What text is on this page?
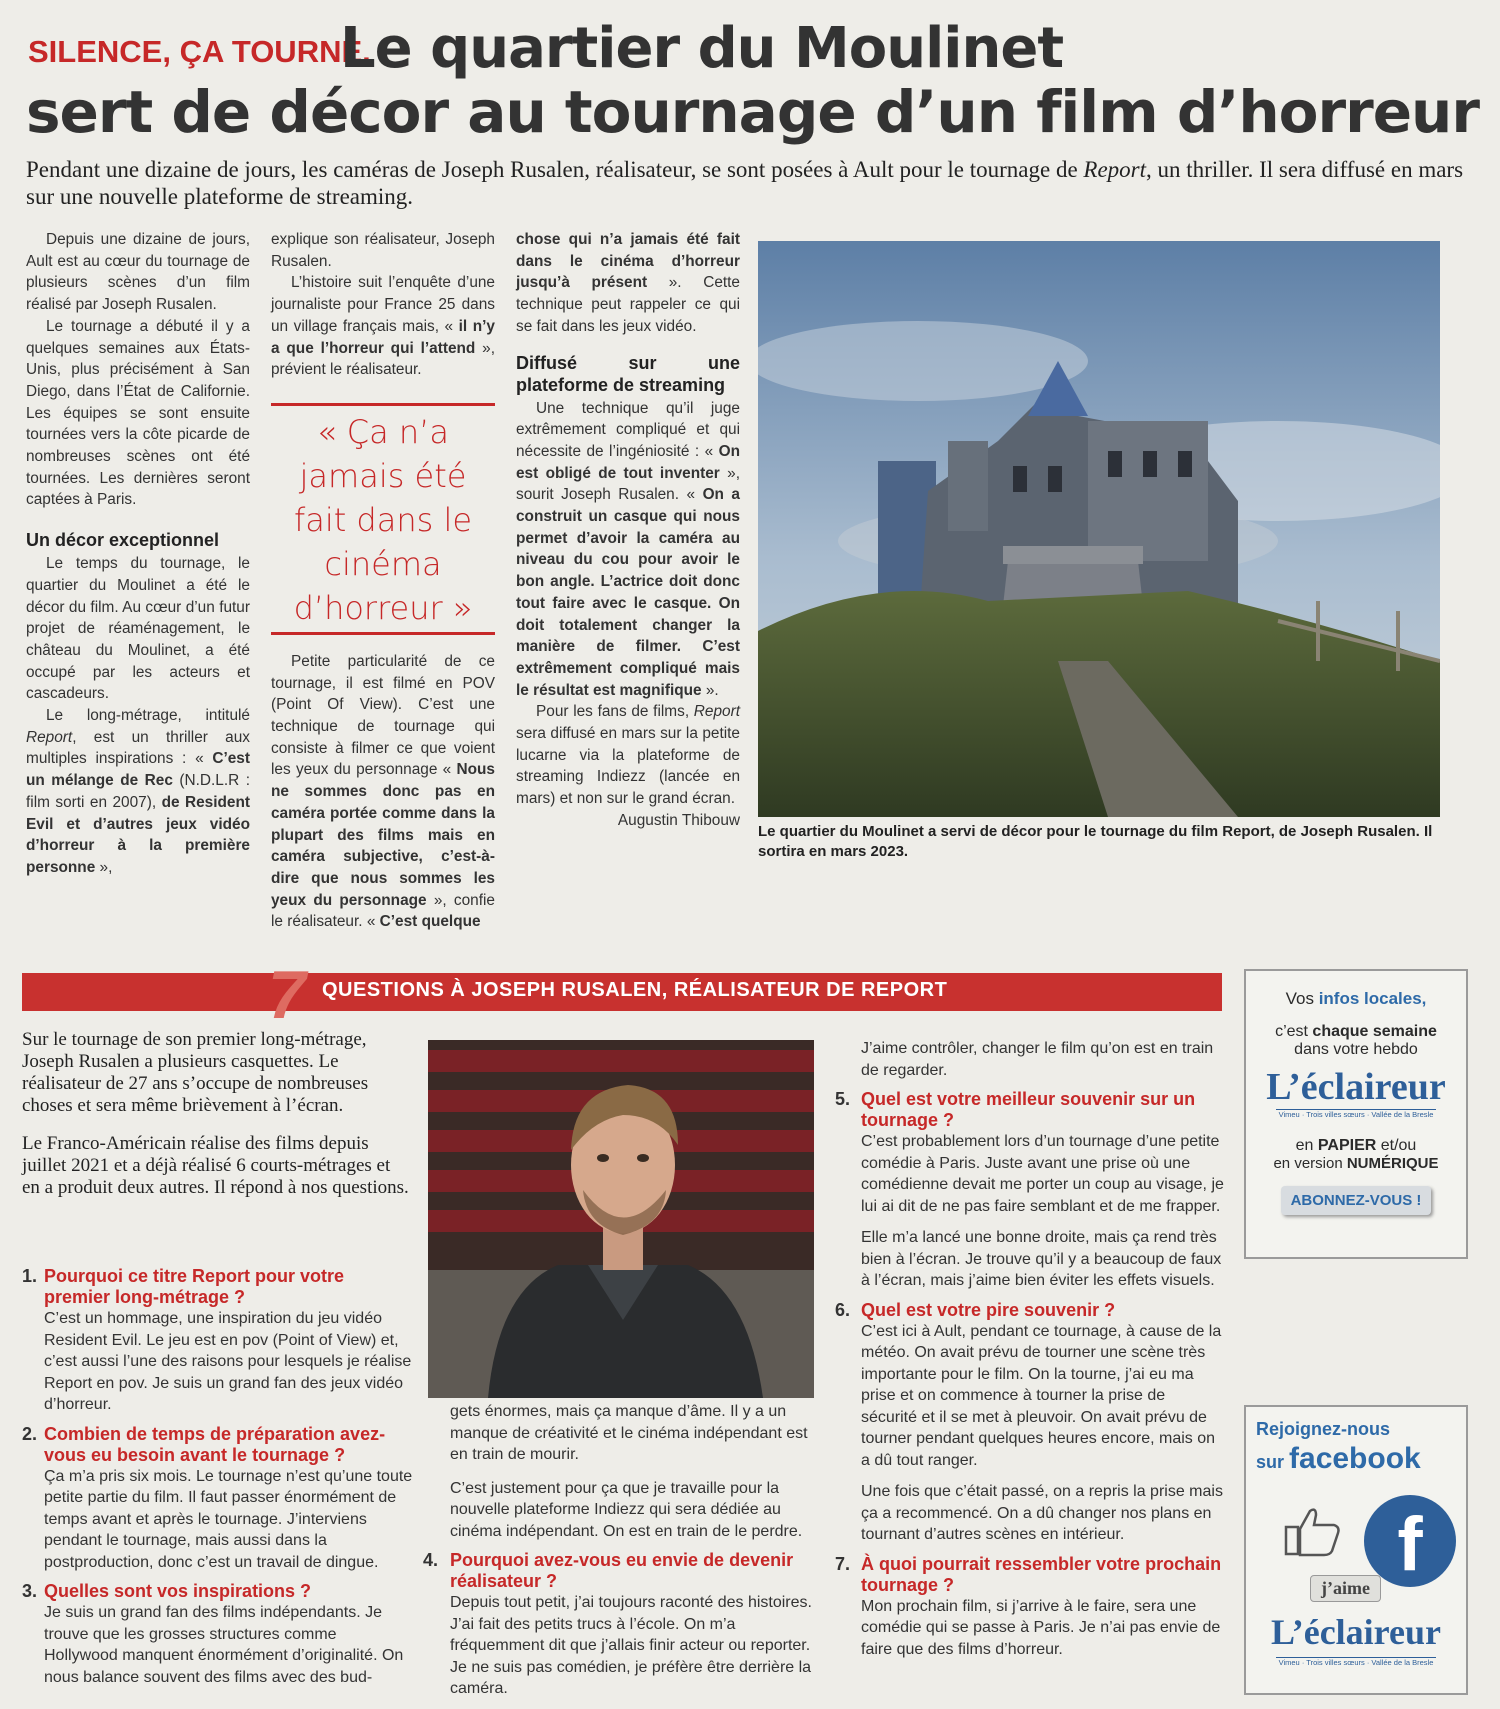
SILENCE, ÇA TOURNE.
Le quartier du Moulinet
sert de décor au tournage d’un film d’horreur
Pendant une dizaine de jours, les caméras de Joseph Rusalen, réalisateur, se sont posées à Ault pour le tournage de Report, un thriller. Il sera diffusé en mars sur une nouvelle plateforme de streaming.

Depuis une dizaine de jours, Ault est au cœur du tournage de plusieurs scènes d’un film réalisé par Joseph Rusalen.

Le tournage a débuté il y a quelques semaines aux États-Unis, plus précisément à San Diego, dans l’État de Californie. Les équipes se sont ensuite tournées vers la côte picarde de nombreuses scènes ont été tournées. Les dernières seront captées à Paris.

Un décor exceptionnel

Le temps du tournage, le quartier du Moulinet a été le décor du film. Au cœur d’un futur projet de réaménagement, le château du Moulinet, a été occupé par les acteurs et cascadeurs.

Le long-métrage, intitulé Report, est un thriller aux multiples inspirations : « C’est un mélange de Rec (N.D.L.R : film sorti en 2007), de Resident Evil et d’autres jeux vidéo d’horreur à la première personne »,

explique son réalisateur, Joseph Rusalen.

L’histoire suit l’enquête d’une journaliste pour France 25 dans un village français mais, « il n’y a que l’horreur qui l’attend », prévient le réalisateur.

« Ça n’a jamais été fait dans le cinéma d’horreur »

Petite particularité de ce tournage, il est filmé en POV (Point Of View). C’est une technique de tournage qui consiste à filmer ce que voient les yeux du personnage « Nous ne sommes donc pas en caméra portée comme dans la plupart des films mais en caméra subjective, c’est-à-dire que nous sommes les yeux du personnage », confie le réalisateur. « C’est quelque

chose qui n’a jamais été fait dans le cinéma d’horreur jusqu’à présent ». Cette technique peut rappeler ce qui se fait dans les jeux vidéo.

Diffusé sur une plateforme de streaming

Une technique qu’il juge extrêmement compliqué et qui nécessite de l’ingéniosité : « On est obligé de tout inventer », sourit Joseph Rusalen. « On a construit un casque qui nous permet d’avoir la caméra au niveau du cou pour avoir le bon angle. L’actrice doit donc tout faire avec le casque. On doit totalement changer la manière de filmer. C’est extrêmement compliqué mais le résultat est magnifique ».

Pour les fans de films, Report sera diffusé en mars sur la petite lucarne via la plateforme de streaming Indiezz (lancée en mars) et non sur le grand écran.

Augustin Thibouw
Le quartier du Moulinet a servi de décor pour le tournage du film Report, de Joseph Rusalen. Il sortira en mars 2023.
7 QUESTIONS À JOSEPH RUSALEN, RÉALISATEUR DE REPORT
Sur le tournage de son premier long-métrage, Joseph Rusalen a plusieurs casquettes. Le réalisateur de 27 ans s’occupe de nombreuses choses et sera même brièvement à l’écran.
Le Franco-Américain réalise des films depuis juillet 2021 et a déjà réalisé 6 courts-métrages et en a produit deux autres. Il répond à nos questions.
1. Pourquoi ce titre Report pour votre premier long-métrage ?
C’est un hommage, une inspiration du jeu vidéo Resident Evil. Le jeu est en pov (Point of View) et, c’est aussi l’une des raisons pour lesquels je réalise Report en pov. Je suis un grand fan des jeux vidéo d’horreur.
2. Combien de temps de préparation avez-vous eu besoin avant le tournage ?
Ça m’a pris six mois. Le tournage n’est qu’une toute petite partie du film. Il faut passer énormément de temps avant et après le tournage. J’interviens pendant le tournage, mais aussi dans la postproduction, donc c’est un travail de dingue.
3. Quelles sont vos inspirations ?
Je suis un grand fan des films indépendants. Je trouve que les grosses structures comme Hollywood manquent énormément d’originalité. On nous balance souvent des films avec des bud-
gets énormes, mais ça manque d’âme. Il y a un manque de créativité et le cinéma indépendant est en train de mourir.
C’est justement pour ça que je travaille pour la nouvelle plateforme Indiezz qui sera dédiée au cinéma indépendant. On est en train de le perdre.
4. Pourquoi avez-vous eu envie de devenir réalisateur ?
Depuis tout petit, j’ai toujours raconté des histoires. J’ai fait des petits trucs à l’école. On m’a fréquemment dit que j’allais finir acteur ou reporter. Je ne suis pas comédien, je préfère être derrière la caméra.
J’aime contrôler, changer le film qu’on est en train de regarder.
5. Quel est votre meilleur souvenir sur un tournage ?
C’est probablement lors d’un tournage d’une petite comédie à Paris. Juste avant une prise où une comédienne devait me porter un coup au visage, je lui ai dit de ne pas faire semblant et de me frapper.
Elle m’a lancé une bonne droite, mais ça rend très bien à l’écran. Je trouve qu’il y a beaucoup de faux à l’écran, mais j’aime bien éviter les effets visuels.
6. Quel est votre pire souvenir ?
C’est ici à Ault, pendant ce tournage, à cause de la météo. On avait prévu de tourner une scène très importante pour le film. On la tourne, j’ai eu ma prise et on commence à tourner la prise de sécurité et il se met à pleuvoir. On avait prévu de tourner pendant quelques heures encore, mais on a dû tout ranger.
Une fois que c’était passé, on a repris la prise mais ça a recommencé. On a dû changer nos plans en tournant d’autres scènes en intérieur.
7. À quoi pourrait ressembler votre prochain tournage ?
Mon prochain film, si j’arrive à le faire, sera une comédie qui se passe à Paris. Je n’ai pas envie de faire que des films d’horreur.
Vos infos locales,
c’est chaque semaine
dans votre hebdo
L’éclaireur
Vimeu · Trois villes sœurs · Vallée de la Bresle
en PAPIER et/ou
en version NUMÉRIQUE
ABONNEZ-VOUS !
Rejoignez-nous
sur facebook
f
j’aime
L’éclaireur
Vimeu · Trois villes sœurs · Vallée de la Bresle
